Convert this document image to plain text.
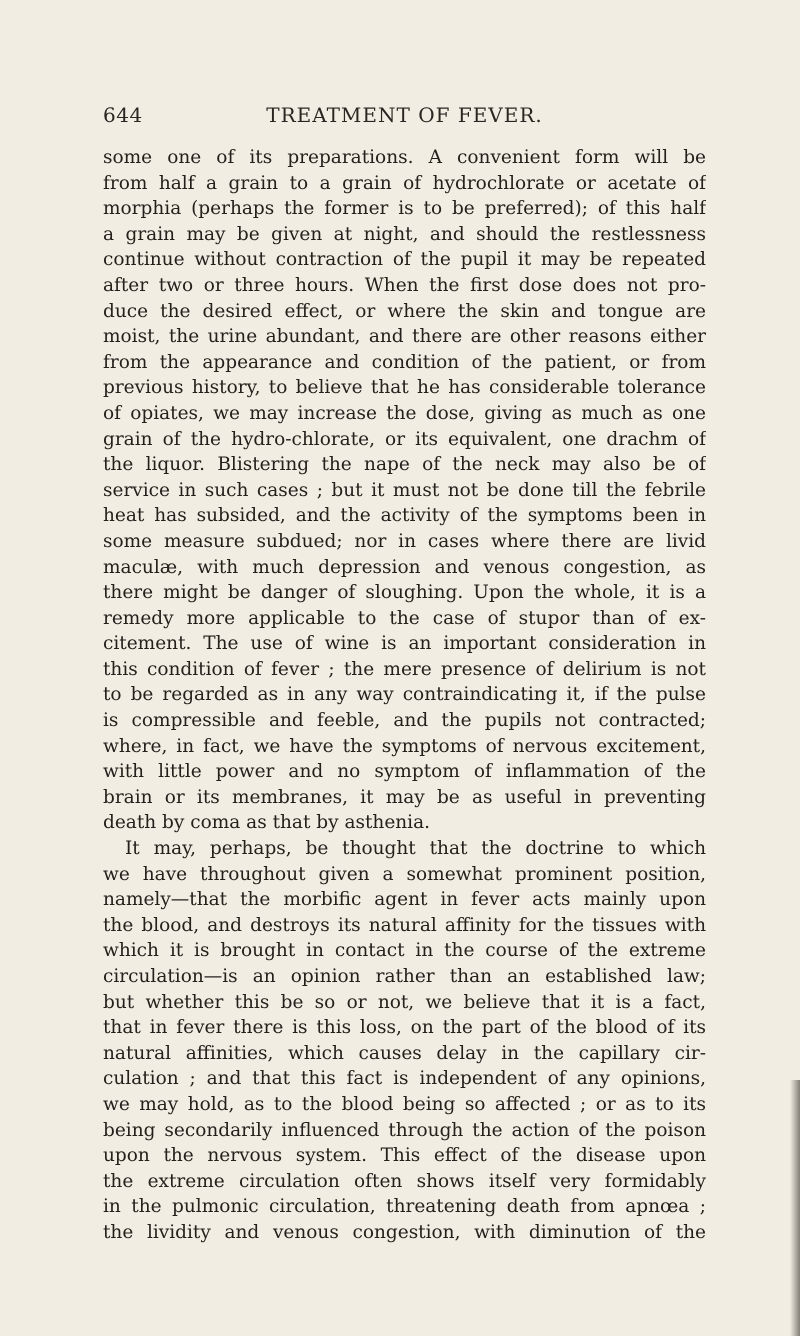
644	TREATMENT OF FEVER.
some one of its preparations. A convenient form will be
from half a grain to a grain of hydrochlorate or acetate of
morphia (perhaps the former is to be preferred); of this half
a grain may be given at night, and should the restlessness
continue without contraction of the pupil it may be repeated
after two or three hours. When the first dose does not pro-
duce the desired effect, or where the skin and tongue are
moist, the urine abundant, and there are other reasons either
from the appearance and condition of the patient, or from
previous history, to believe that he has considerable tolerance
of opiates, we may increase the dose, giving as much as one
grain of the hydro-chlorate, or its equivalent, one drachm of
the liquor. Blistering the nape of the neck may also be of
service in such cases ; but it must not be done till the febrile
heat has subsided, and the activity of the symptoms been in
some measure subdued; nor in cases where there are livid
maculæ, with much depression and venous congestion, as
there might be danger of sloughing. Upon the whole, it is a
remedy more applicable to the case of stupor than of ex-
citement. The use of wine is an important consideration in
this condition of fever ; the mere presence of delirium is not
to be regarded as in any way contraindicating it, if the pulse
is compressible and feeble, and the pupils not contracted;
where, in fact, we have the symptoms of nervous excitement,
with little power and no symptom of inflammation of the
brain or its membranes, it may be as useful in preventing
death by coma as that by asthenia.
It may, perhaps, be thought that the doctrine to which
we have throughout given a somewhat prominent position,
namely—that the morbific agent in fever acts mainly upon
the blood, and destroys its natural affinity for the tissues with
which it is brought in contact in the course of the extreme
circulation—is an opinion rather than an established law;
but whether this be so or not, we believe that it is a fact,
that in fever there is this loss, on the part of the blood of its
natural affinities, which causes delay in the capillary cir-
culation ; and that this fact is independent of any opinions,
we may hold, as to the blood being so affected ; or as to its
being secondarily influenced through the action of the poison
upon the nervous system. This effect of the disease upon
the extreme circulation often shows itself very formidably
in the pulmonic circulation, threatening death from apnœa ;
the lividity and venous congestion, with diminution of the
